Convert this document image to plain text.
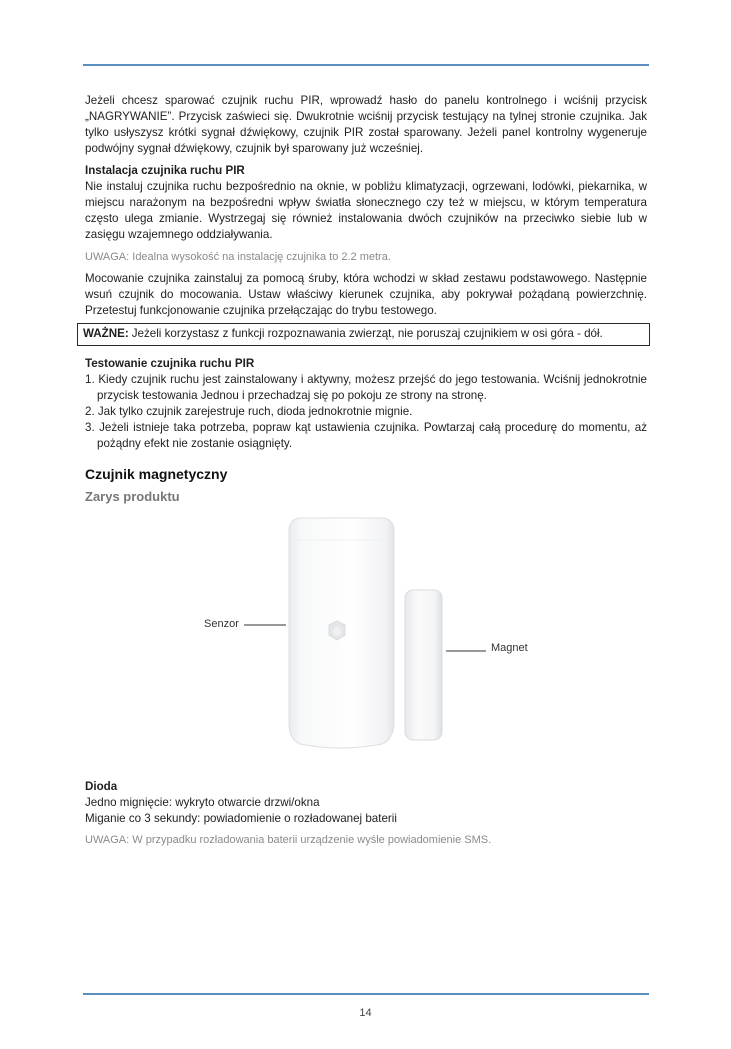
Jeżeli chcesz sparować czujnik ruchu PIR, wprowadź hasło do panelu kontrolnego i wciśnij przycisk „NAGRYWANIE”. Przycisk zaświeci się. Dwukrotnie wciśnij przycisk testujący na tylnej stronie czujnika. Jak tylko usłyszysz krótki sygnał dźwiękowy, czujnik PIR został sparowany. Jeżeli panel kontrolny wygeneruje podwójny sygnał dźwiękowy, czujnik był sparowany już wcześniej.

Instalacja czujnika ruchu PIR

Nie instaluj czujnika ruchu bezpośrednio na oknie, w pobliżu klimatyzacji, ogrzewani, lodówki, piekarnika, w miejscu narażonym na bezpośredni wpływ światła słonecznego czy też w miejscu, w którym temperatura często ulega zmianie. Wystrzegaj się również instalowania dwóch czujników na przeciwko siebie lub w zasięgu wzajemnego oddziaływania.

UWAGA: Idealna wysokość na instalację czujnika to 2.2 metra.

Mocowanie czujnika zainstaluj za pomocą śruby, która wchodzi w skład zestawu podstawowego. Następnie wsuń czujnik do mocowania. Ustaw właściwy kierunek czujnika, aby pokrywał pożądaną powierzchnię. Przetestuj funkcjonowanie czujnika przełączając do trybu testowego.

WAŻNE: Jeżeli korzystasz z funkcji rozpoznawania zwierząt, nie poruszaj czujnikiem w osi góra - dół.

Testowanie czujnika ruchu PIR

1. Kiedy czujnik ruchu jest zainstalowany i aktywny, możesz przejść do jego testowania. Wciśnij jednokrotnie przycisk testowania Jednou i przechadzaj się po pokoju ze strony na stronę.
2. Jak tylko czujnik zarejestruje ruch, dioda jednokrotnie mignie.
3. Jeżeli istnieje taka potrzeba, popraw kąt ustawienia czujnika. Powtarzaj całą procedurę do momentu, aż pożądny efekt nie zostanie osiągnięty.
Czujnik magnetyczny
Zarys produktu
Senzor
Magnet

Dioda

Jedno mignięcie: wykryto otwarcie drzwi/okna

Miganie co 3 sekundy: powiadomienie o rozładowanej baterii

UWAGA: W przypadku rozładowania baterii urządzenie wyśle powiadomienie SMS.

14
